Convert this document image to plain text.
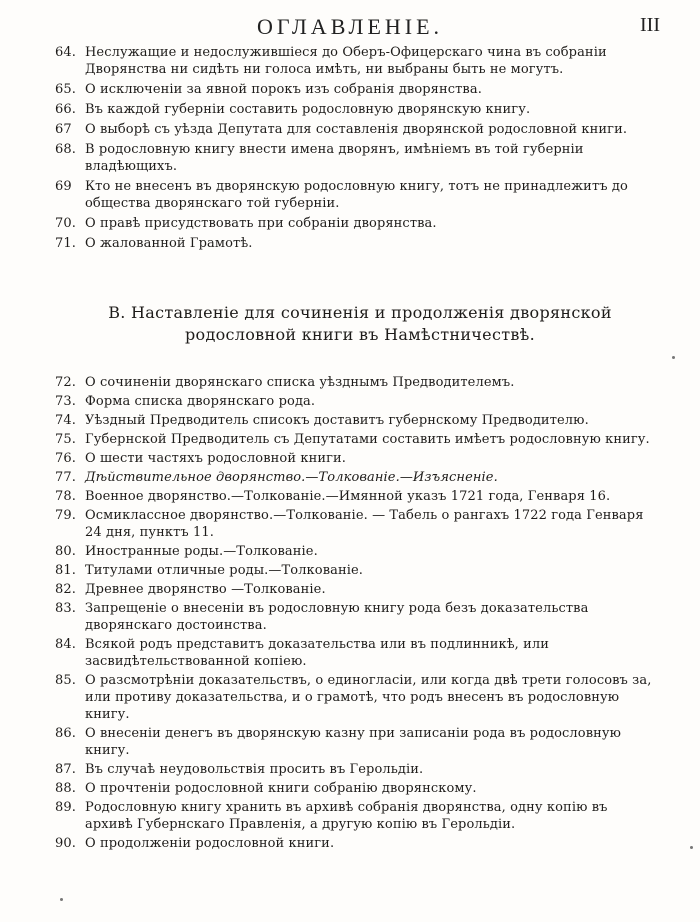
ОГЛАВЛЕНIЕ.	III
64. Неслужащие и недослужившiеся до Оберъ-Офицерскаго чина въ собранiи Дворянства ни сидѣть ни голоса имѣть, ни выбраны быть не могутъ.
65. О исключенiи за явной порокъ изъ собранiя дворянства.
66. Въ каждой губернiи составить родословную дворянскую книгу.
67	О выборѣ съ уѣзда Депутата для составленiя дворянской родословной книги.
68. В родословную книгу внести имена дворянъ, имѣнiемъ въ той губернiи владѣющихъ.
69	Кто не внесенъ въ дворянскую родословную книгу, тотъ не принадлежитъ до общества дворянскаго той губернiи.
70. О правѣ присудствовать при собранiи дворянства.
71. О жалованной Грамотѣ.
В. Наставленiе для сочиненiя и продолженiя дворянской родословной книги въ Намѣстничествѣ.
72. О сочиненiи дворянскаго списка уѣзднымъ Предводителемъ.
73. Форма списка дворянскаго рода.
74. Уѣздный Предводитель списокъ доставитъ губернскому Предводителю.
75. Губернской Предводитель съ Депутатами составить имѣетъ родословную книгу.
76. О шести частяхъ родословной книги.
77. Дѣйствительное дворянство.—Толкованiе.—Изъясненiе.
78. Военное дворянство.—Толкованiе.—Имянной указъ 1721 года, Генваря 16.
79. Осмиклассное дворянство.—Толкованiе. — Табель о рангахъ 1722 года Генваря 24 дня, пунктъ 11.
80. Иностранные роды.—Толкованiе.
81. Титулами отличные роды.—Толкованiе.
82. Древнее дворянство —Толкованiе.
83. Запрещенiе о внесенiи въ родословную книгу рода безъ доказательства дворянскаго достоинства.
84. Всякой родъ представитъ доказательства или въ подлинникѣ, или засвидѣтельствованной копiею.
85. О разсмотрѣнiи доказательствъ, о единогласiи, или когда двѣ трети голосовъ за, или противу доказательства, и о грамотѣ, что родъ внесенъ въ родословную книгу.
86. О внесенiи денегъ въ дворянскую казну при записанiи рода въ родословную книгу.
87. Въ случаѣ неудовольствiя просить въ Герольдiи.
88. О прочтенiи родословной книги собранiю дворянскому.
89. Родословную книгу хранить въ архивѣ собранiя дворянства, одну копiю въ архивѣ Губернскаго Правленiя, а другую копiю въ Герольдiи.
90. О продолженiи родословной книги.
